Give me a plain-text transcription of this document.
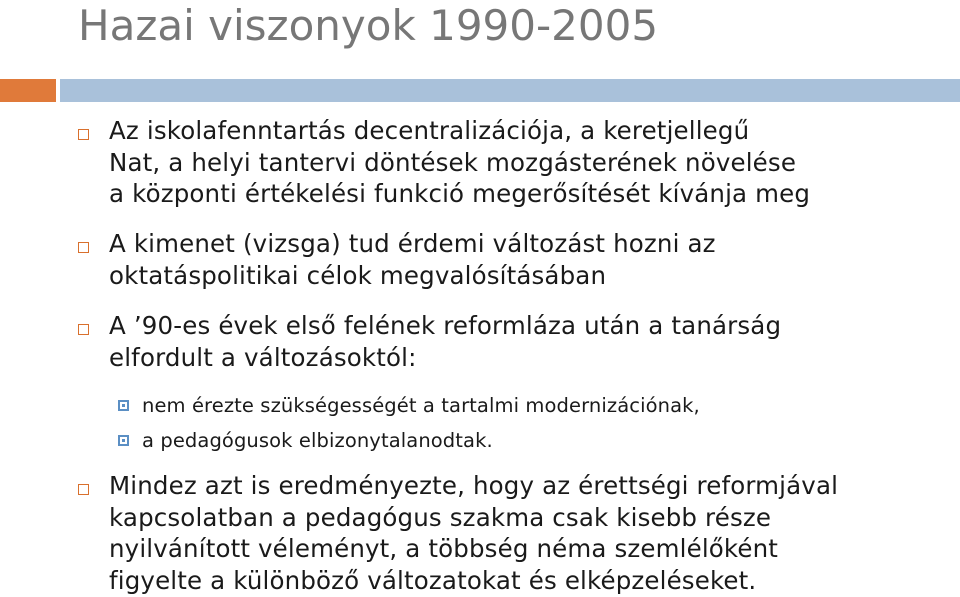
Hazai viszonyok 1990-2005
Az iskolafenntartás decentralizációja, a keretjellegű
Nat, a helyi tantervi döntések mozgásterének növelése
a központi értékelési funkció megerősítését kívánja meg
A kimenet (vizsga) tud érdemi változást hozni az
oktatáspolitikai célok megvalósításában
A ’90-es évek első felének reformláza után a tanárság
elfordult a változásoktól:
nem érezte szükségességét a tartalmi modernizációnak,
a pedagógusok elbizonytalanodtak.
Mindez azt is eredményezte, hogy az érettségi reformjával
kapcsolatban a pedagógus szakma csak kisebb része
nyilvánított véleményt, a többség néma szemlélőként
figyelte a különböző változatokat és elképzeléseket.
